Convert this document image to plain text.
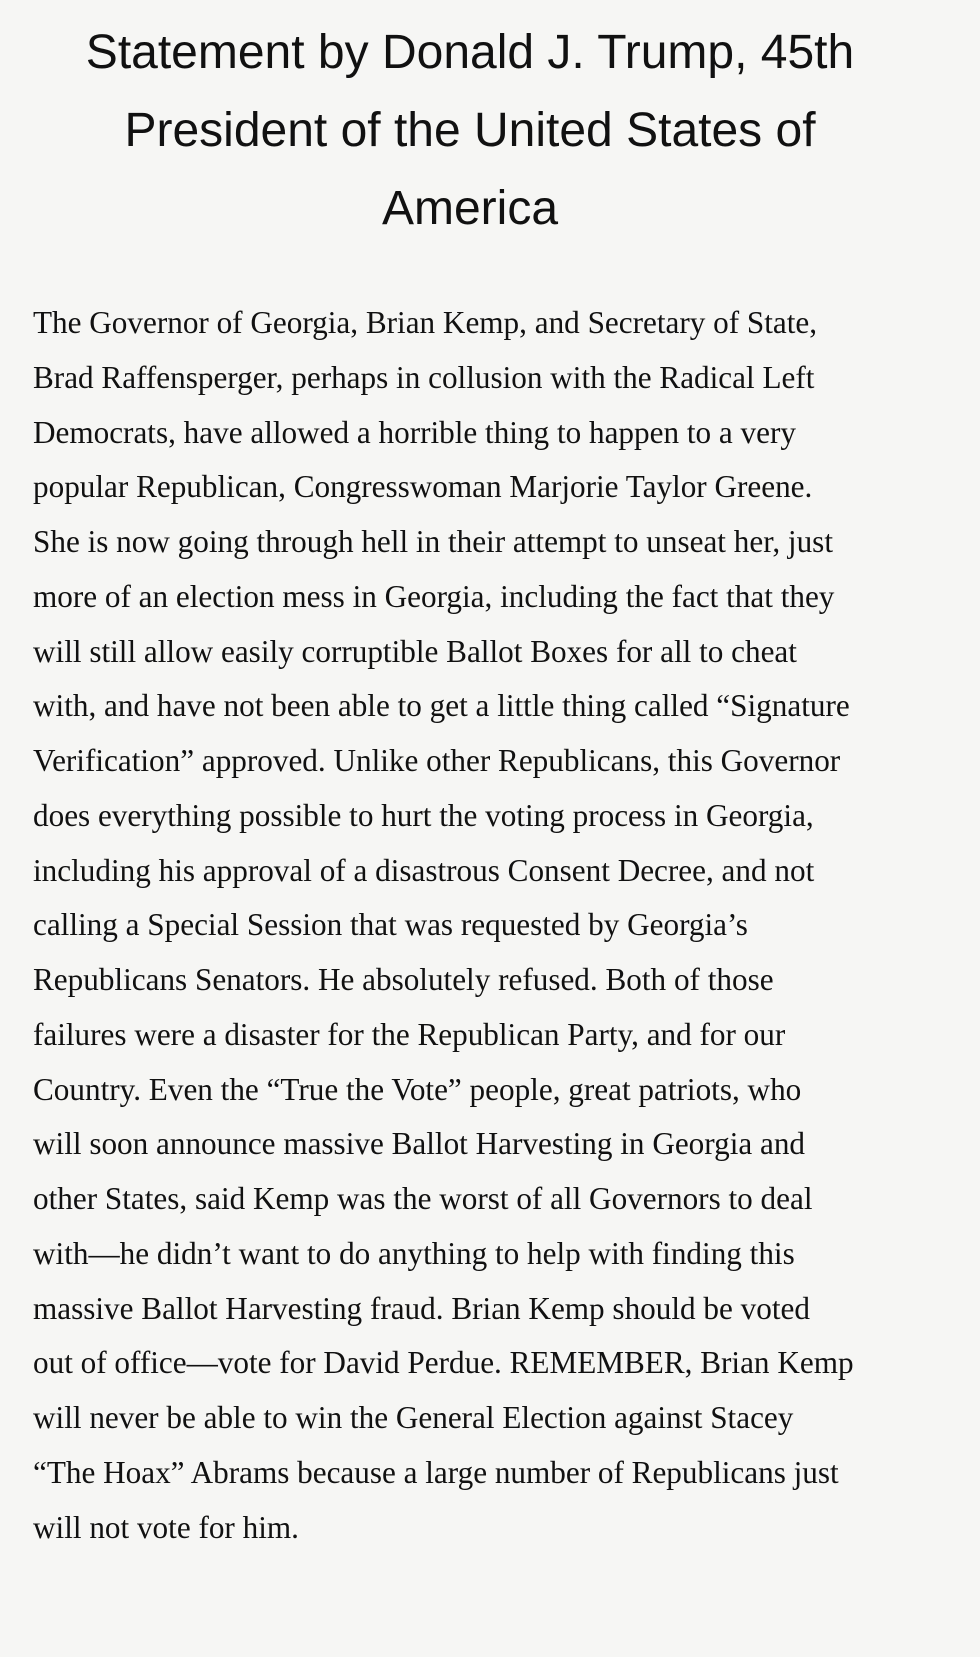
Statement by Donald J. Trump, 45th
President of the United States of
America
The Governor of Georgia, Brian Kemp, and Secretary of State,
Brad Raffensperger, perhaps in collusion with the Radical Left
Democrats, have allowed a horrible thing to happen to a very
popular Republican, Congresswoman Marjorie Taylor Greene.
She is now going through hell in their attempt to unseat her, just
more of an election mess in Georgia, including the fact that they
will still allow easily corruptible Ballot Boxes for all to cheat
with, and have not been able to get a little thing called “Signature
Verification” approved. Unlike other Republicans, this Governor
does everything possible to hurt the voting process in Georgia,
including his approval of a disastrous Consent Decree, and not
calling a Special Session that was requested by Georgia’s
Republicans Senators. He absolutely refused. Both of those
failures were a disaster for the Republican Party, and for our
Country. Even the “True the Vote” people, great patriots, who
will soon announce massive Ballot Harvesting in Georgia and
other States, said Kemp was the worst of all Governors to deal
with—he didn’t want to do anything to help with finding this
massive Ballot Harvesting fraud. Brian Kemp should be voted
out of office—vote for David Perdue. REMEMBER, Brian Kemp
will never be able to win the General Election against Stacey
“The Hoax” Abrams because a large number of Republicans just
will not vote for him.
